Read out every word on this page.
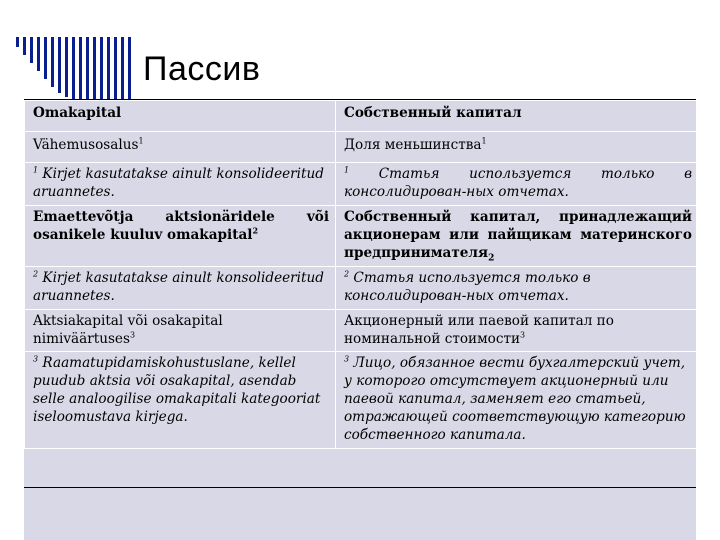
Пассив
Omakapital	Собственный капитал
Vähemusosalus$^1$	Доля меньшинства$^1$
$^1$ Kirjet kasutatakse ainult konsolideeritud aruannetes.	$^1$ Статья используется только в консолидирован-ных отчетах.
Emaettevõtja aktsionäridele või osanikele kuuluv omakapital$^2$	Собственный капитал, принадлежащий акционерам или пайщикам материнского предпринимателя$_2$
$^2$ Kirjet kasutatakse ainult konsolideeritud aruannetes.	$^2$ Статья используется только в консолидирован-ных отчетах.
Aktsiakapital või osakapital nimiväärtuses$^3$	Акционерный или паевой капитал по номинальной стоимости$^3$
$^3$ Raamatupidamiskohustuslane, kellel puudub aktsia või osakapital, asendab selle analoogilise omakapitali kategooriat iseloomustava kirjega.	$^3$ Лицо, обязанное вести бухгалтерский учет, у которого отсутствует акционерный или паевой капитал, заменяет его статьей, отражающей соответствующую категорию собственного капитала.
